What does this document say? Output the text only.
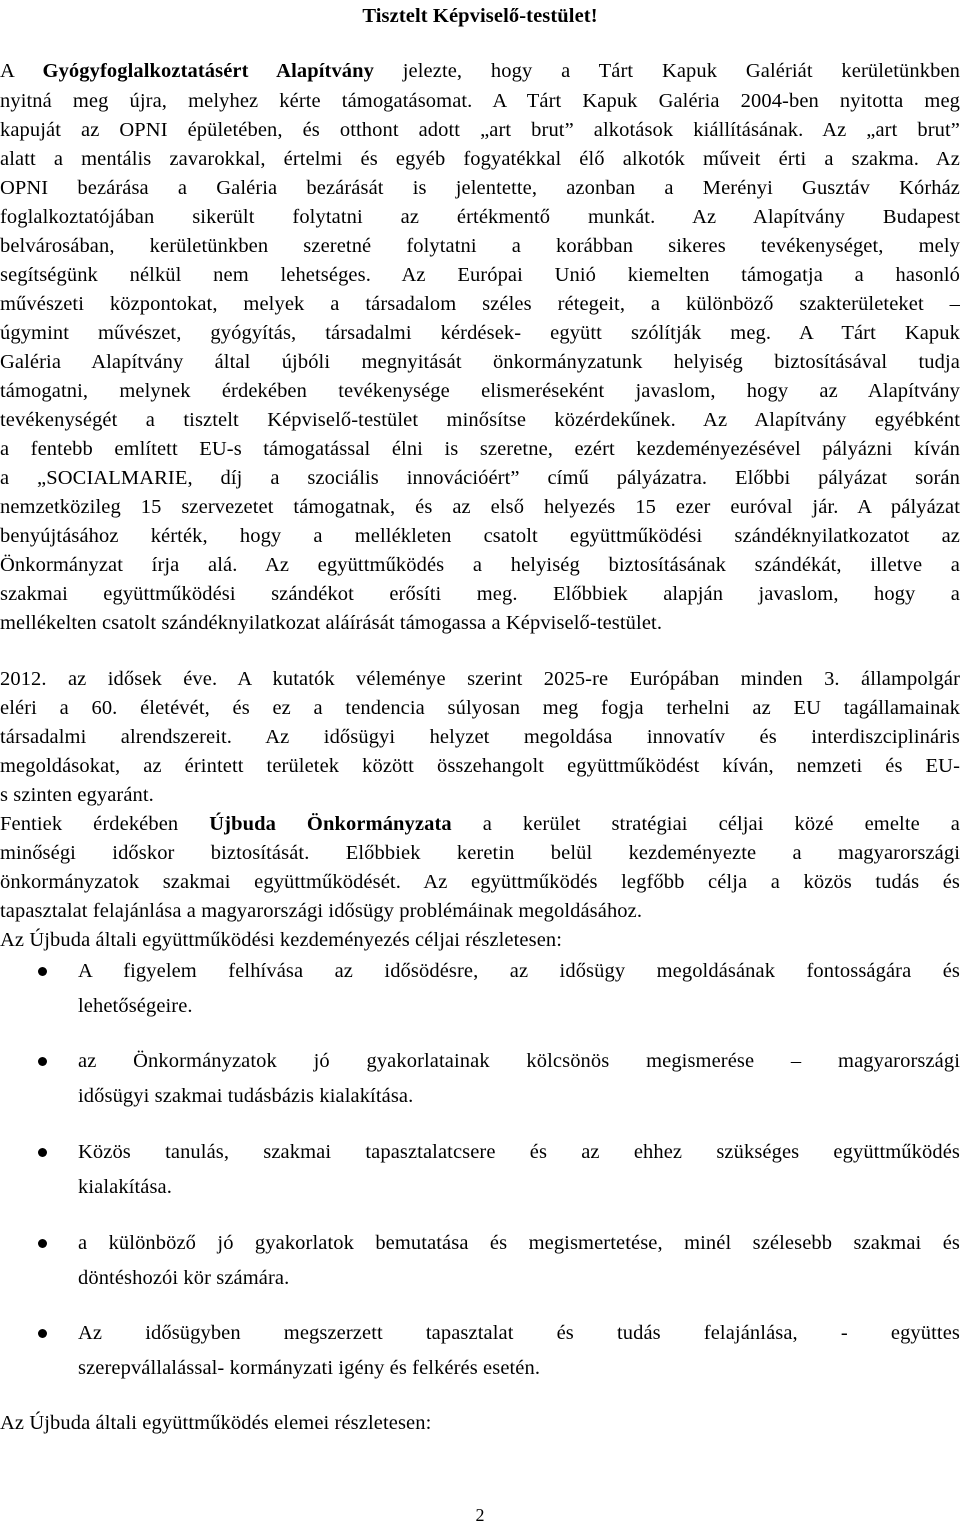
Tisztelt Képviselő-testület!
A Gyógyfoglalkoztatásért Alapítvány jelezte, hogy a Tárt Kapuk Galériát kerületünkben
nyitná meg újra, melyhez kérte támogatásomat. A Tárt Kapuk Galéria 2004-ben nyitotta meg
kapuját az OPNI épületében, és otthont adott „art brut” alkotások kiállításának. Az „art brut”
alatt a mentális zavarokkal, értelmi és egyéb fogyatékkal élő alkotók műveit érti a szakma. Az
OPNI bezárása a Galéria bezárását is jelentette, azonban a Merényi Gusztáv Kórház
foglalkoztatójában sikerült folytatni az értékmentő munkát. Az Alapítvány Budapest
belvárosában, kerületünkben szeretné folytatni a korábban sikeres tevékenységet, mely
segítségünk nélkül nem lehetséges. Az Európai Unió kiemelten támogatja a hasonló
művészeti központokat, melyek a társadalom széles rétegeit, a különböző szakterületeket –
úgymint művészet, gyógyítás, társadalmi kérdések- együtt szólítják meg. A Tárt Kapuk
Galéria Alapítvány által újbóli megnyitását önkormányzatunk helyiség biztosításával tudja
támogatni, melynek érdekében tevékenysége elismeréseként javaslom, hogy az Alapítvány
tevékenységét a tisztelt Képviselő-testület minősítse közérdekűnek. Az Alapítvány egyébként
a fentebb említett EU-s támogatással élni is szeretne, ezért kezdeményezésével pályázni kíván
a „SOCIALMARIE, díj a szociális innovációért” című pályázatra. Előbbi pályázat során
nemzetközileg 15 szervezetet támogatnak, és az első helyezés 15 ezer euróval jár. A pályázat
benyújtásához kérték, hogy a mellékleten csatolt együttműködési szándéknyilatkozatot az
Önkormányzat írja alá. Az együttműködés a helyiség biztosításának szándékát, illetve a
szakmai együttműködési szándékot erősíti meg. Előbbiek alapján javaslom, hogy a
mellékelten csatolt szándéknyilatkozat aláírását támogassa a Képviselő-testület.
2012. az idősek éve. A kutatók véleménye szerint 2025-re Európában minden 3. állampolgár
eléri a 60. életévét, és ez a tendencia súlyosan meg fogja terhelni az EU tagállamainak
társadalmi alrendszereit. Az idősügyi helyzet megoldása innovatív és interdiszciplináris
megoldásokat, az érintett területek között összehangolt együttműködést kíván, nemzeti és EU-
s szinten egyaránt.
Fentiek érdekében Újbuda Önkormányzata a kerület stratégiai céljai közé emelte a
minőségi időskor biztosítását. Előbbiek keretin belül kezdeményezte a magyarországi
önkormányzatok szakmai együttműködését. Az együttműködés legfőbb célja a közös tudás és
tapasztalat felajánlása a magyarországi idősügy problémáinak megoldásához.
Az Újbuda általi együttműködési kezdeményezés céljai részletesen:
A figyelem felhívása az idősödésre, az idősügy megoldásának fontosságára és
lehetőségeire.
az Önkormányzatok jó gyakorlatainak kölcsönös megismerése – magyarországi
idősügyi szakmai tudásbázis kialakítása.
Közös tanulás, szakmai tapasztalatcsere és az ehhez szükséges együttműködés
kialakítása.
a különböző jó gyakorlatok bemutatása és megismertetése, minél szélesebb szakmai és
döntéshozói kör számára.
Az idősügyben megszerzett tapasztalat és tudás felajánlása, - együttes
szerepvállalással- kormányzati igény és felkérés esetén.
Az Újbuda általi együttműködés elemei részletesen:
2
